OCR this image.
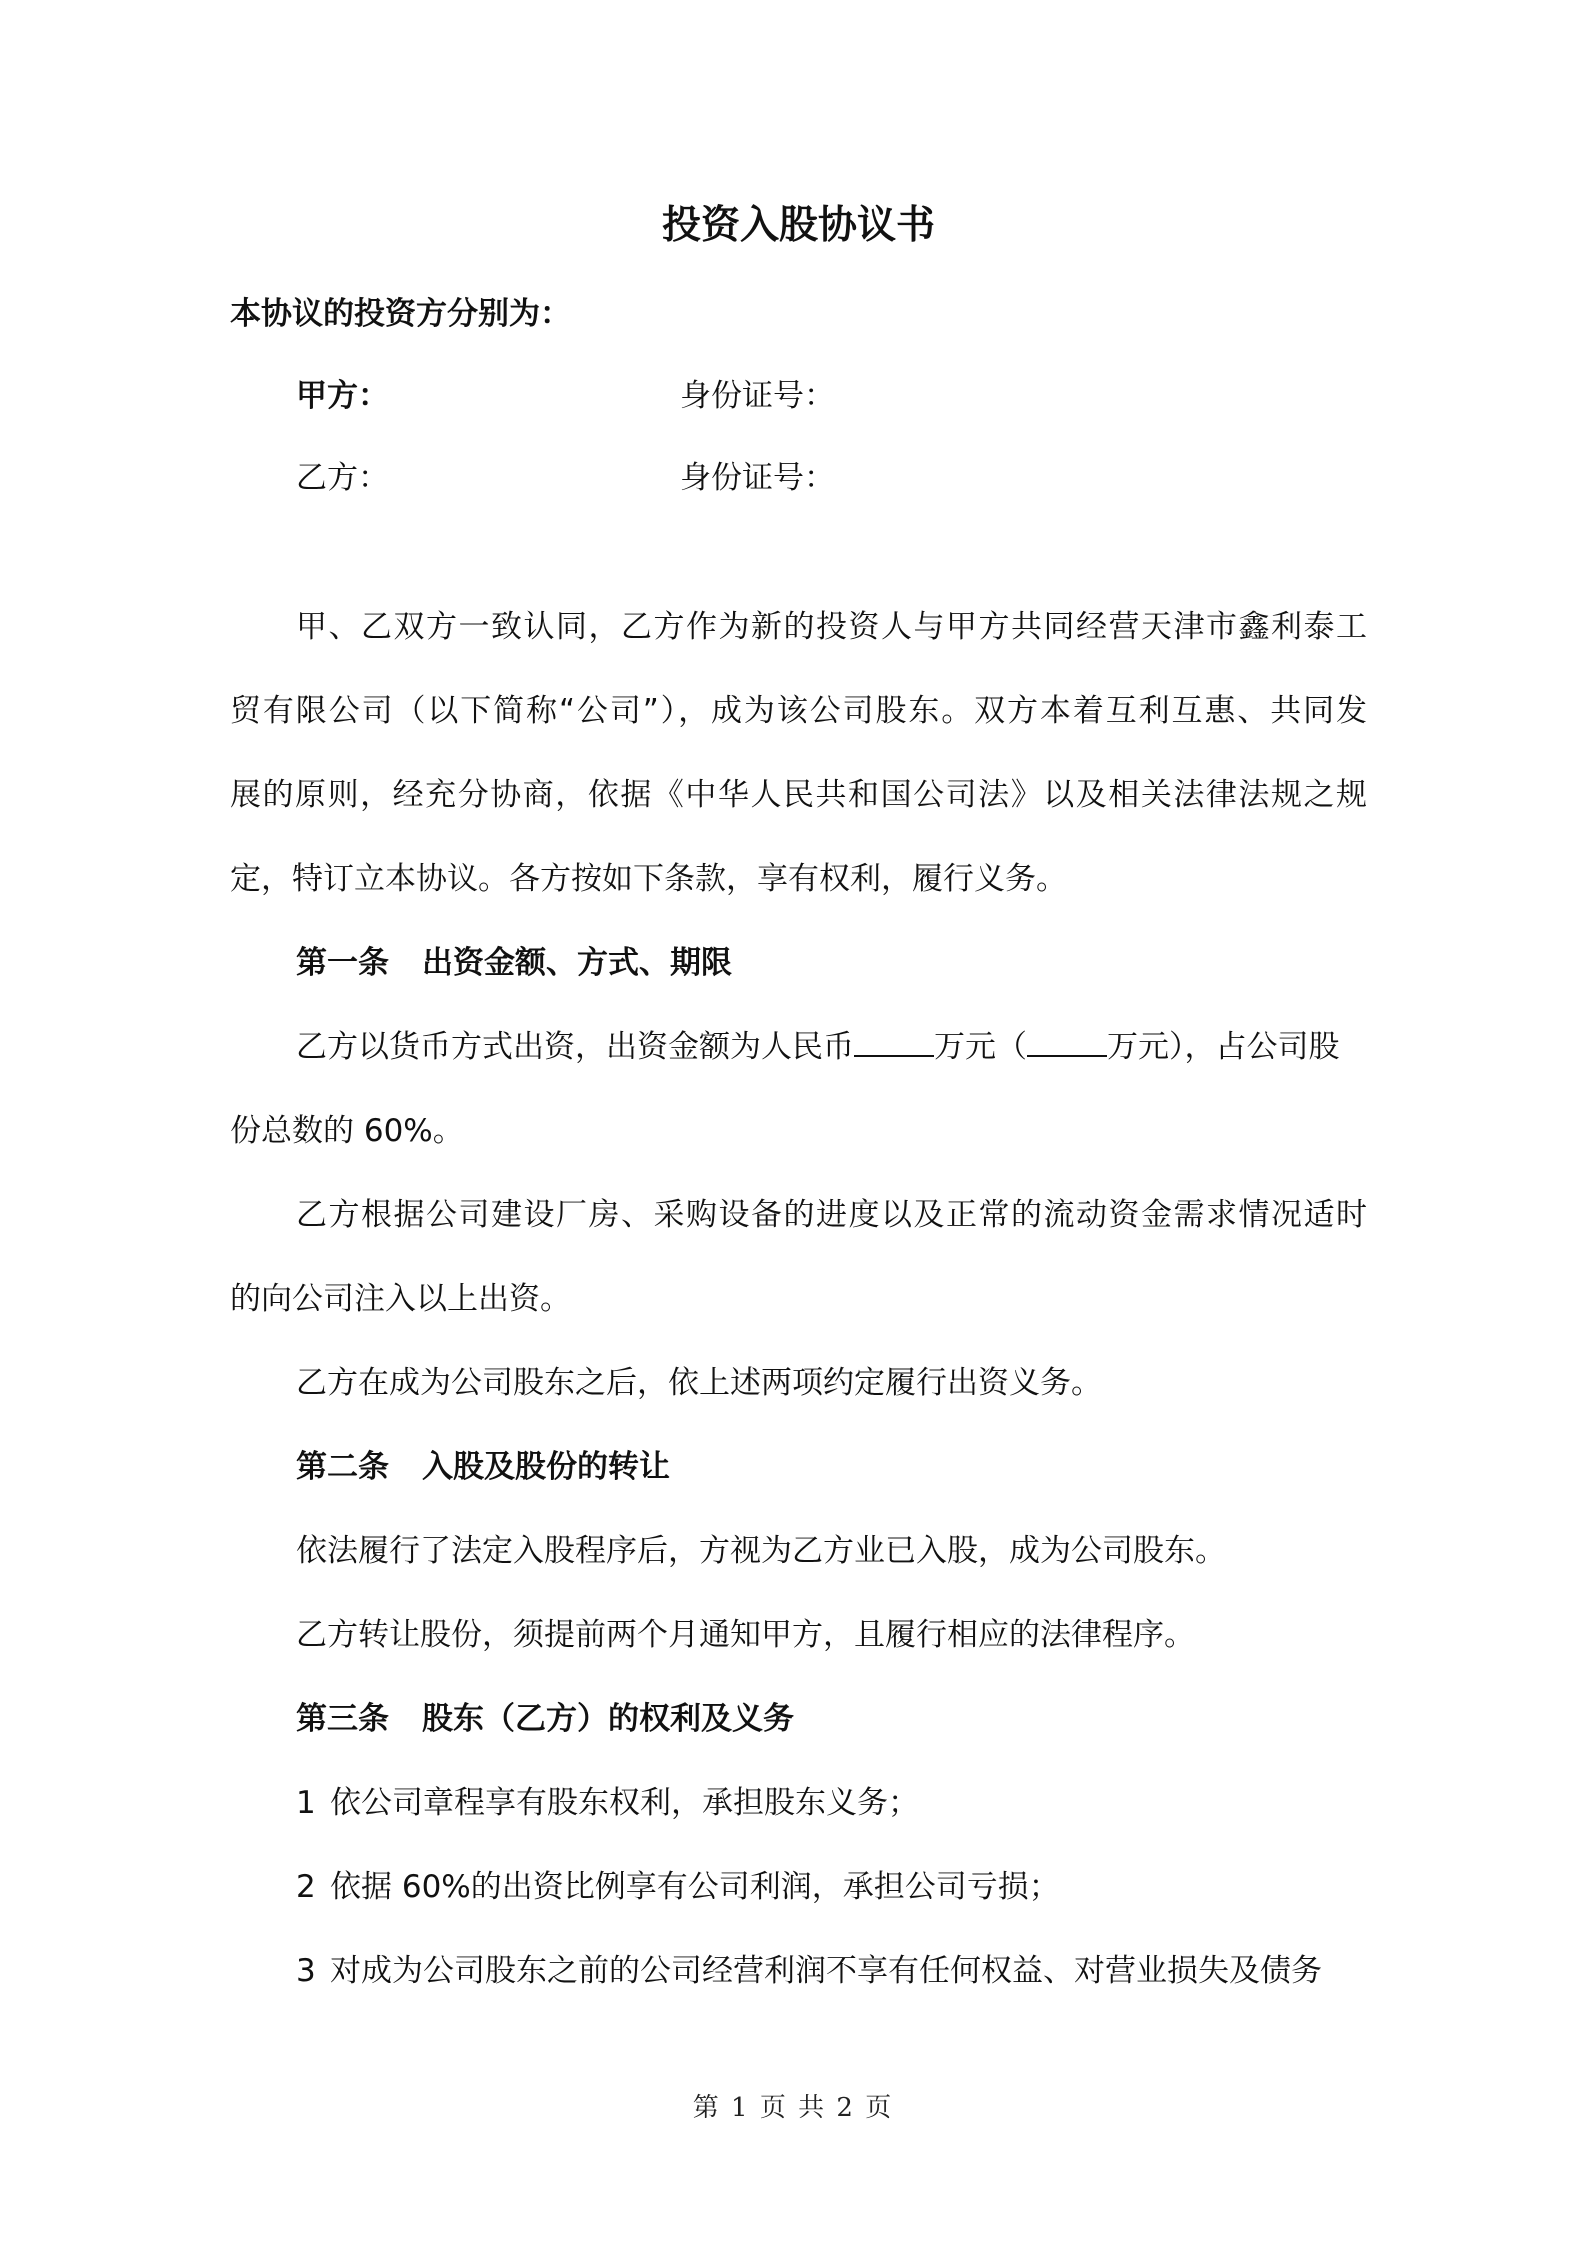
投资入股协议书

本协议的投资方分别为：

甲方：	身份证号：
乙方：	身份证号：

甲、乙双方一致认同，乙方作为新的投资人与甲方共同经营天津市鑫利泰工

贸有限公司（以下简称“公司”），成为该公司股东。双方本着互利互惠、共同发

展的原则，经充分协商，依据《中华人民共和国公司法》以及相关法律法规之规

定，特订立本协议。各方按如下条款，享有权利，履行义务。

第一条 出资金额、方式、期限

乙方以货币方式出资，出资金额为人民币	万元（	万元），占公司股

份总数的 60%。

乙方根据公司建设厂房、采购设备的进度以及正常的流动资金需求情况适时

的向公司注入以上出资。

乙方在成为公司股东之后，依上述两项约定履行出资义务。

第二条 入股及股份的转让

依法履行了法定入股程序后，方视为乙方业已入股，成为公司股东。

乙方转让股份，须提前两个月通知甲方，且履行相应的法律程序。

第三条 股东（乙方）的权利及义务
1 依公司章程享有股东权利，承担股东义务；
2 依据 60%的出资比例享有公司利润，承担公司亏损；
3 对成为公司股东之前的公司经营利润不享有任何权益、对营业损失及债务
第 1 页 共 2 页
